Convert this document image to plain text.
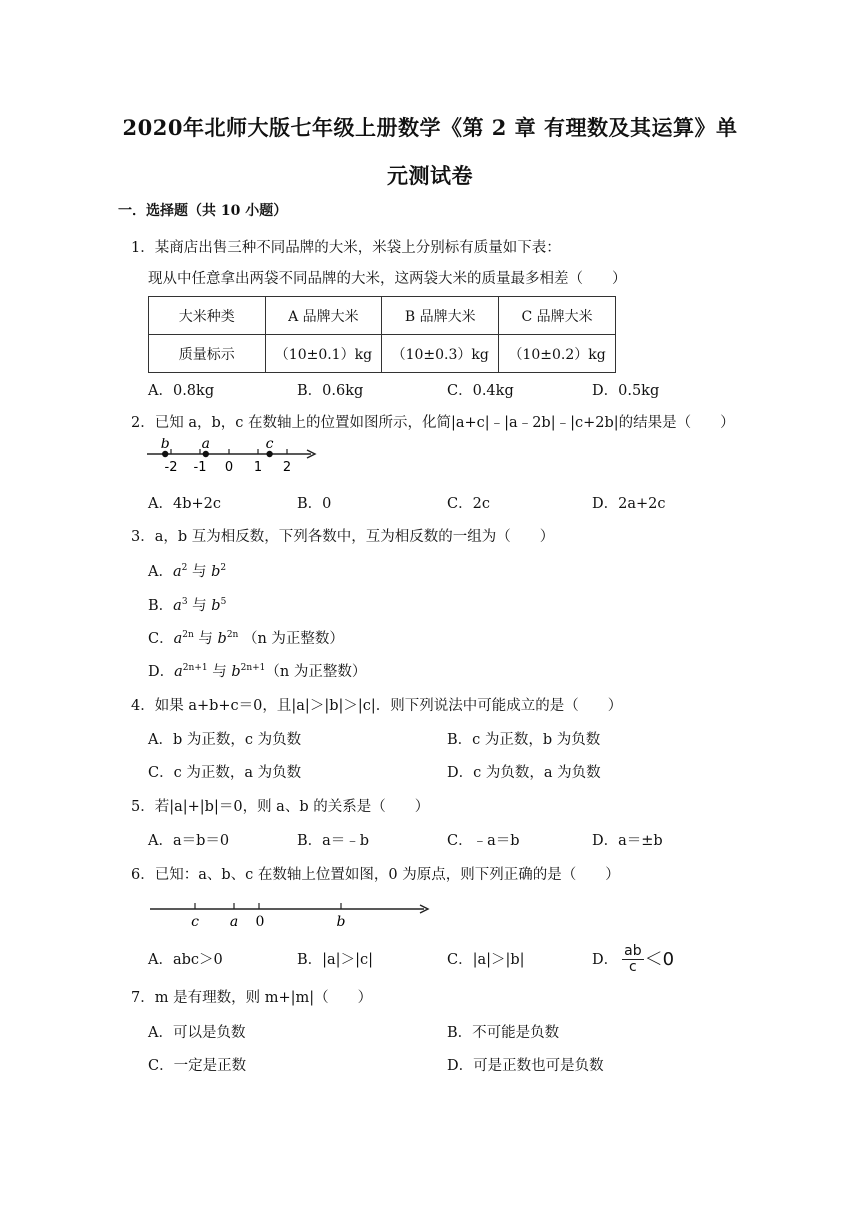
2020年北师大版七年级上册数学《第 2 章 有理数及其运算》单
元测试卷
一．选择题（共 10 小题）
1．某商店出售三种不同品牌的大米，米袋上分别标有质量如下表：
现从中任意拿出两袋不同品牌的大米，这两袋大米的质量最多相差（　　）
大米种类	A 品牌大米	B 品牌大米	C 品牌大米
质量标示	（10±0.1）kg	（10±0.3）kg	（10±0.2）kg
A．0.8kg	B．0.6kg	C．0.4kg	D．0.5kg
2．已知 a，b，c 在数轴上的位置如图所示，化简|a+c|﹣|a﹣2b|﹣|c+2b|的结果是（　　）
-2 -1 0 1 2
b a	c
A．4b+2c	B．0	C．2c	D．2a+2c
3．a，b 互为相反数，下列各数中，互为相反数的一组为（　　）
A．$a^2$ 与 $b^2$
B．$a^3$ 与 $b^5$
C．$a^{2n}$ 与 $b^{2n}$ （n 为正整数）
D．$a^{2n+1}$ 与 $b^{2n+1}(n$ 为正整数）
4．如果 a+b+c＝0，且|a|＞|b|＞|c|．则下列说法中可能成立的是（　　）
A．b 为正数，c 为负数	B．c 为正数，b 为负数
C．c 为正数，a 为负数	D．c 为负数，a 为负数
5．若|a|+|b|＝0，则 a、b 的关系是（　　）
A．a＝b＝0	B．a＝﹣b	C．﹣a＝b	D．a＝±b
6．已知：a、b、c 在数轴上位置如图，0 为原点，则下列正确的是（　　）
c a 0	b
A．abc＞0	B．|a|＞|c|	C．|a|＞|b|	D． $\frac{ab}{c} <0$
7．m 是有理数，则 m+|m|（　　）
A．可以是负数	B．不可能是负数
C．一定是正数	D．可是正数也可是负数
